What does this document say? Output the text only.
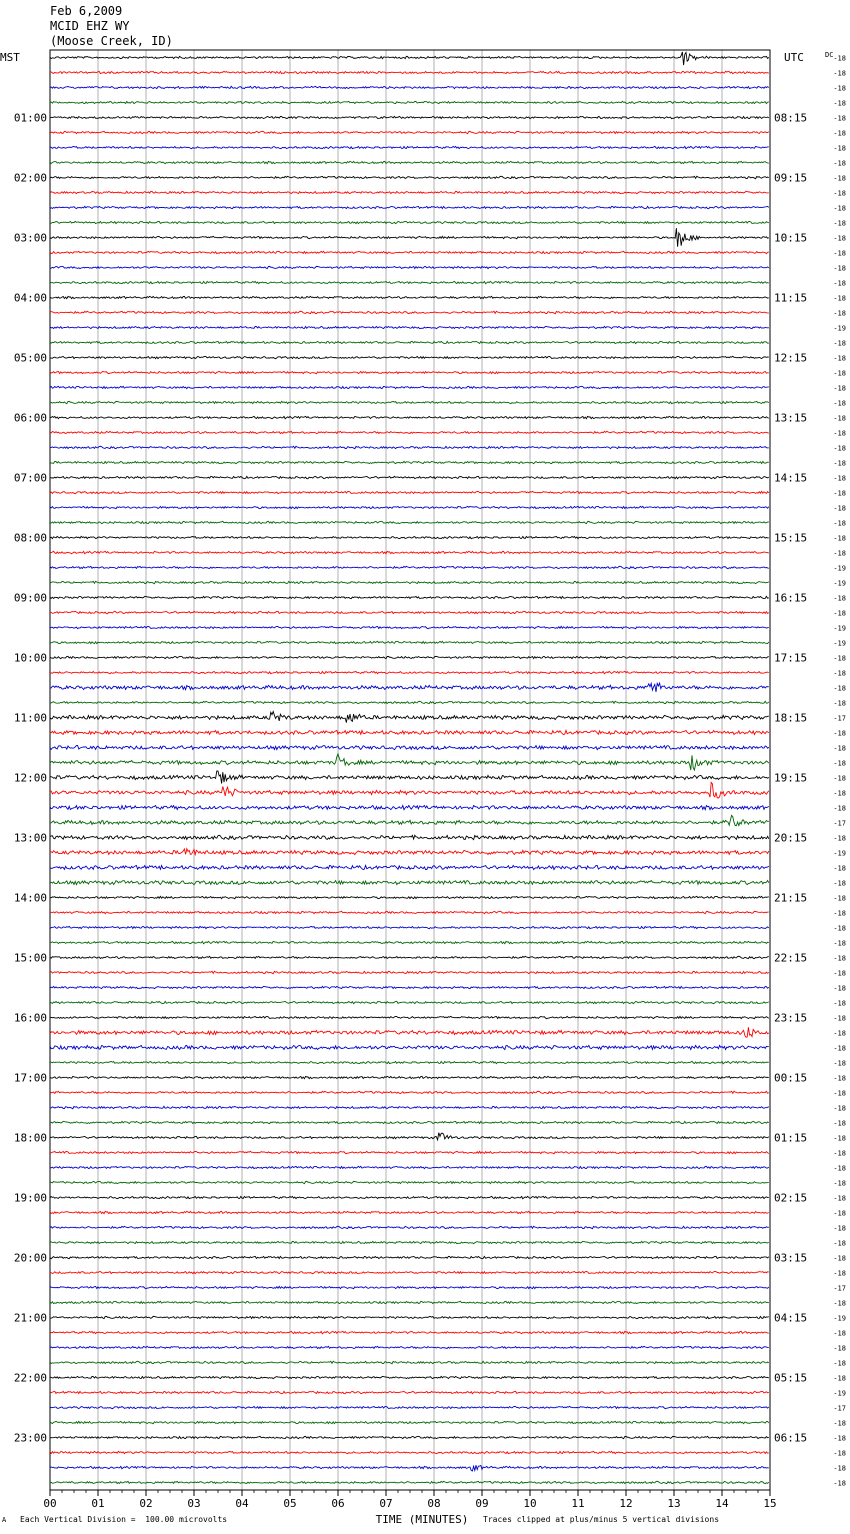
Feb 6,2009
MCID EHZ WY
(Moose Creek, ID)
-18
-18
-18
-18
-18
-18
-18
-18
-18
-18
-18
-18
-18
-18
-18
-18
-18
-18
-19
-18
-18
-18
-18
-18
-18
-18
-18
-18
-18
-18
-18
-18
-18
-18
-19
-19
-18
-18
-19
-19
-18
-18
-18
-18
-17
-18
-18
-18
-18
-18
-18
-17
-18
-19
-18
-18
-18
-18
-18
-18
-18
-18
-18
-18
-18
-18
-18
-18
-18
-18
-18
-18
-18
-18
-18
-18
-18
-18
-18
-18
-18
-18
-17
-18
-19
-18
-18
-18
-18
-19
-17
-18
-18
-18
-18
-18
01:00	08:15
02:00	09:15
03:00	10:15
04:00	11:15
05:00	12:15
06:00	13:15
07:00	14:15
08:00	15:15
09:00	16:15
10:00	17:15
11:00	18:15
12:00	19:15
13:00	20:15
14:00	21:15
15:00	22:15
16:00	23:15
17:00	00:15
18:00	01:15
19:00	02:15
20:00	03:15
21:00	04:15
22:00	05:15
23:00	06:15
MST	UTC	DC
00	01	02	03	04	05	06	07	08	09	10	11	12	13	14	15
TIME (MINUTES)
A Each Vertical Division =  100.00 microvolts	Traces clipped at plus/minus 5 vertical divisions
